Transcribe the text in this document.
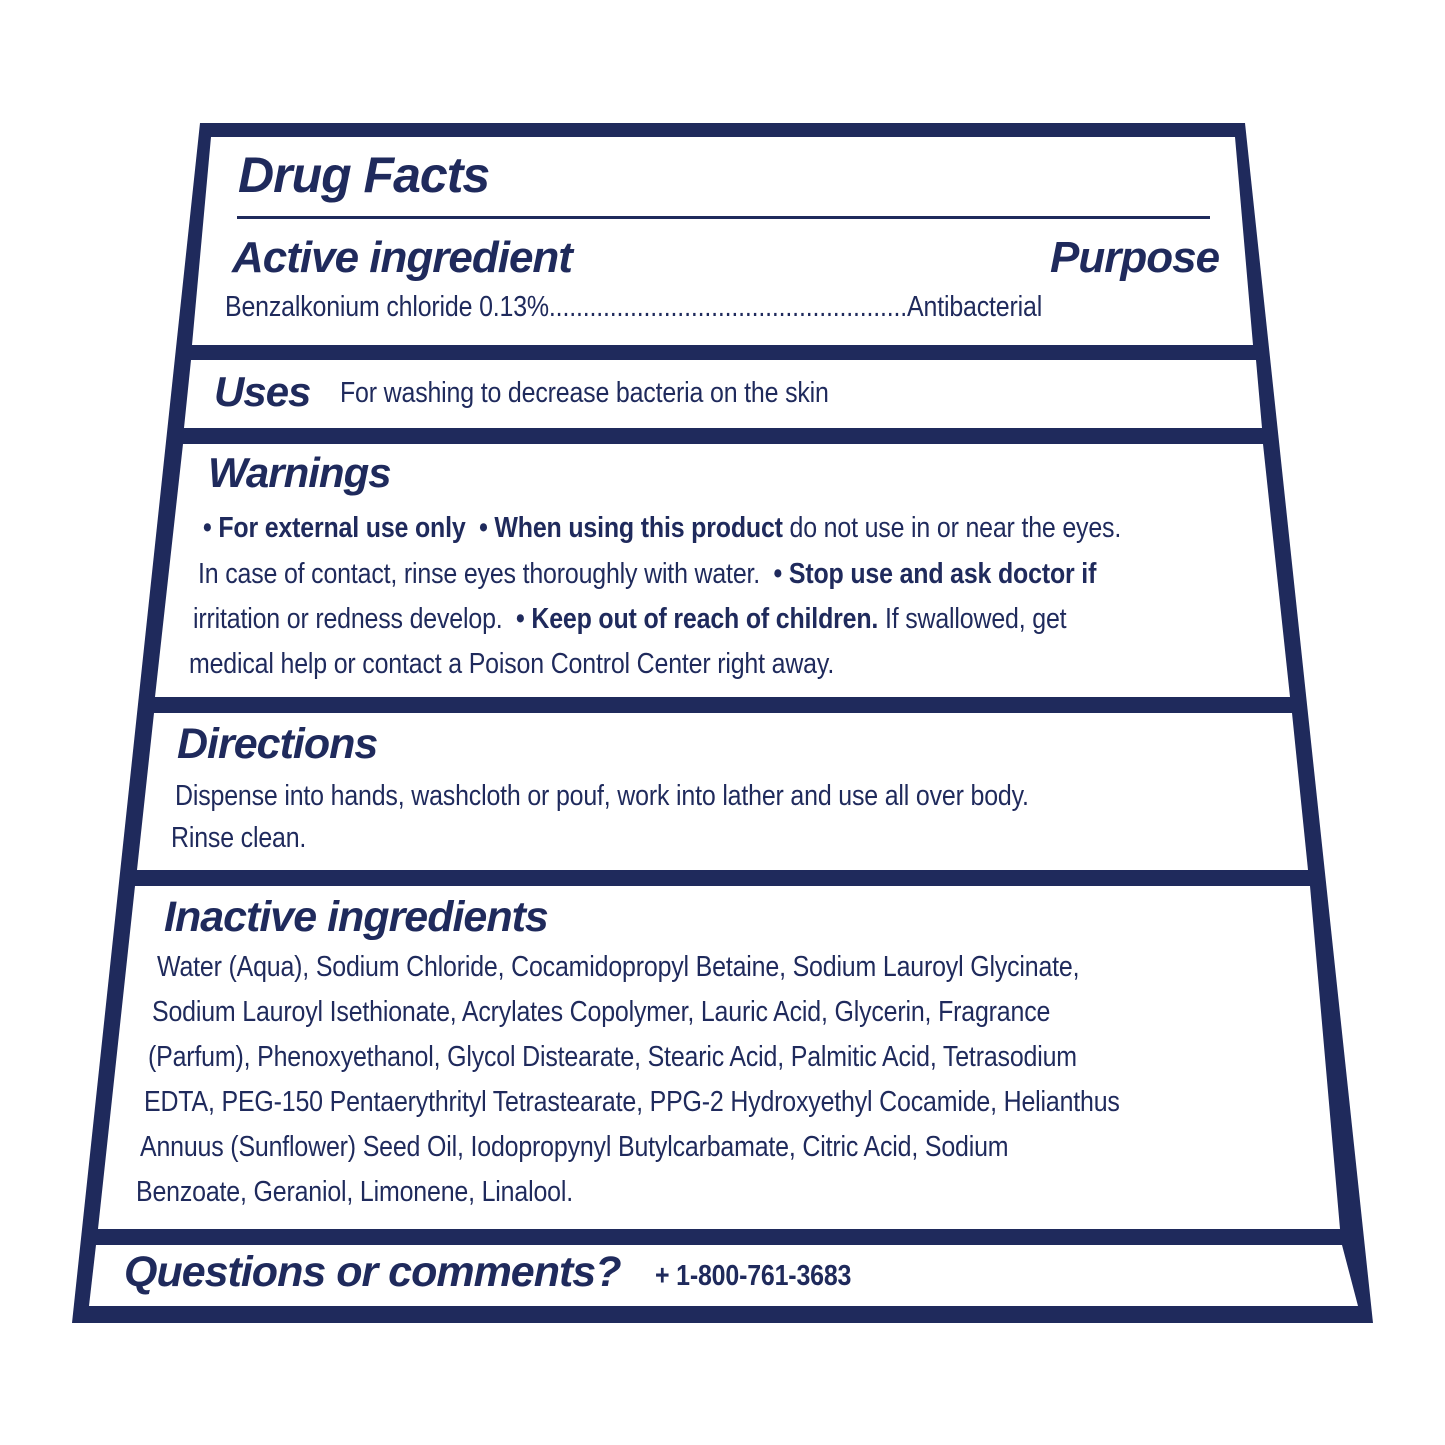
Drug Facts
Active ingredient	Purpose
Benzalkonium chloride 0.13%.....................................................Antibacterial
Uses For washing to decrease bacteria on the skin
Warnings
• For external use only • When using this product do not use in or near the eyes.
In case of contact, rinse eyes thoroughly with water. • Stop use and ask doctor if
irritation or redness develop. • Keep out of reach of children. If swallowed, get
medical help or contact a Poison Control Center right away.
Directions
Dispense into hands, washcloth or pouf, work into lather and use all over body.
Rinse clean.
Inactive ingredients
Water (Aqua), Sodium Chloride, Cocamidopropyl Betaine, Sodium Lauroyl Glycinate,
Sodium Lauroyl Isethionate, Acrylates Copolymer, Lauric Acid, Glycerin, Fragrance
(Parfum), Phenoxyethanol, Glycol Distearate, Stearic Acid, Palmitic Acid, Tetrasodium
EDTA, PEG-150 Pentaerythrityl Tetrastearate, PPG-2 Hydroxyethyl Cocamide, Helianthus
Annuus (Sunflower) Seed Oil, Iodopropynyl Butylcarbamate, Citric Acid, Sodium
Benzoate, Geraniol, Limonene, Linalool.
Questions or comments? + 1-800-761-3683
